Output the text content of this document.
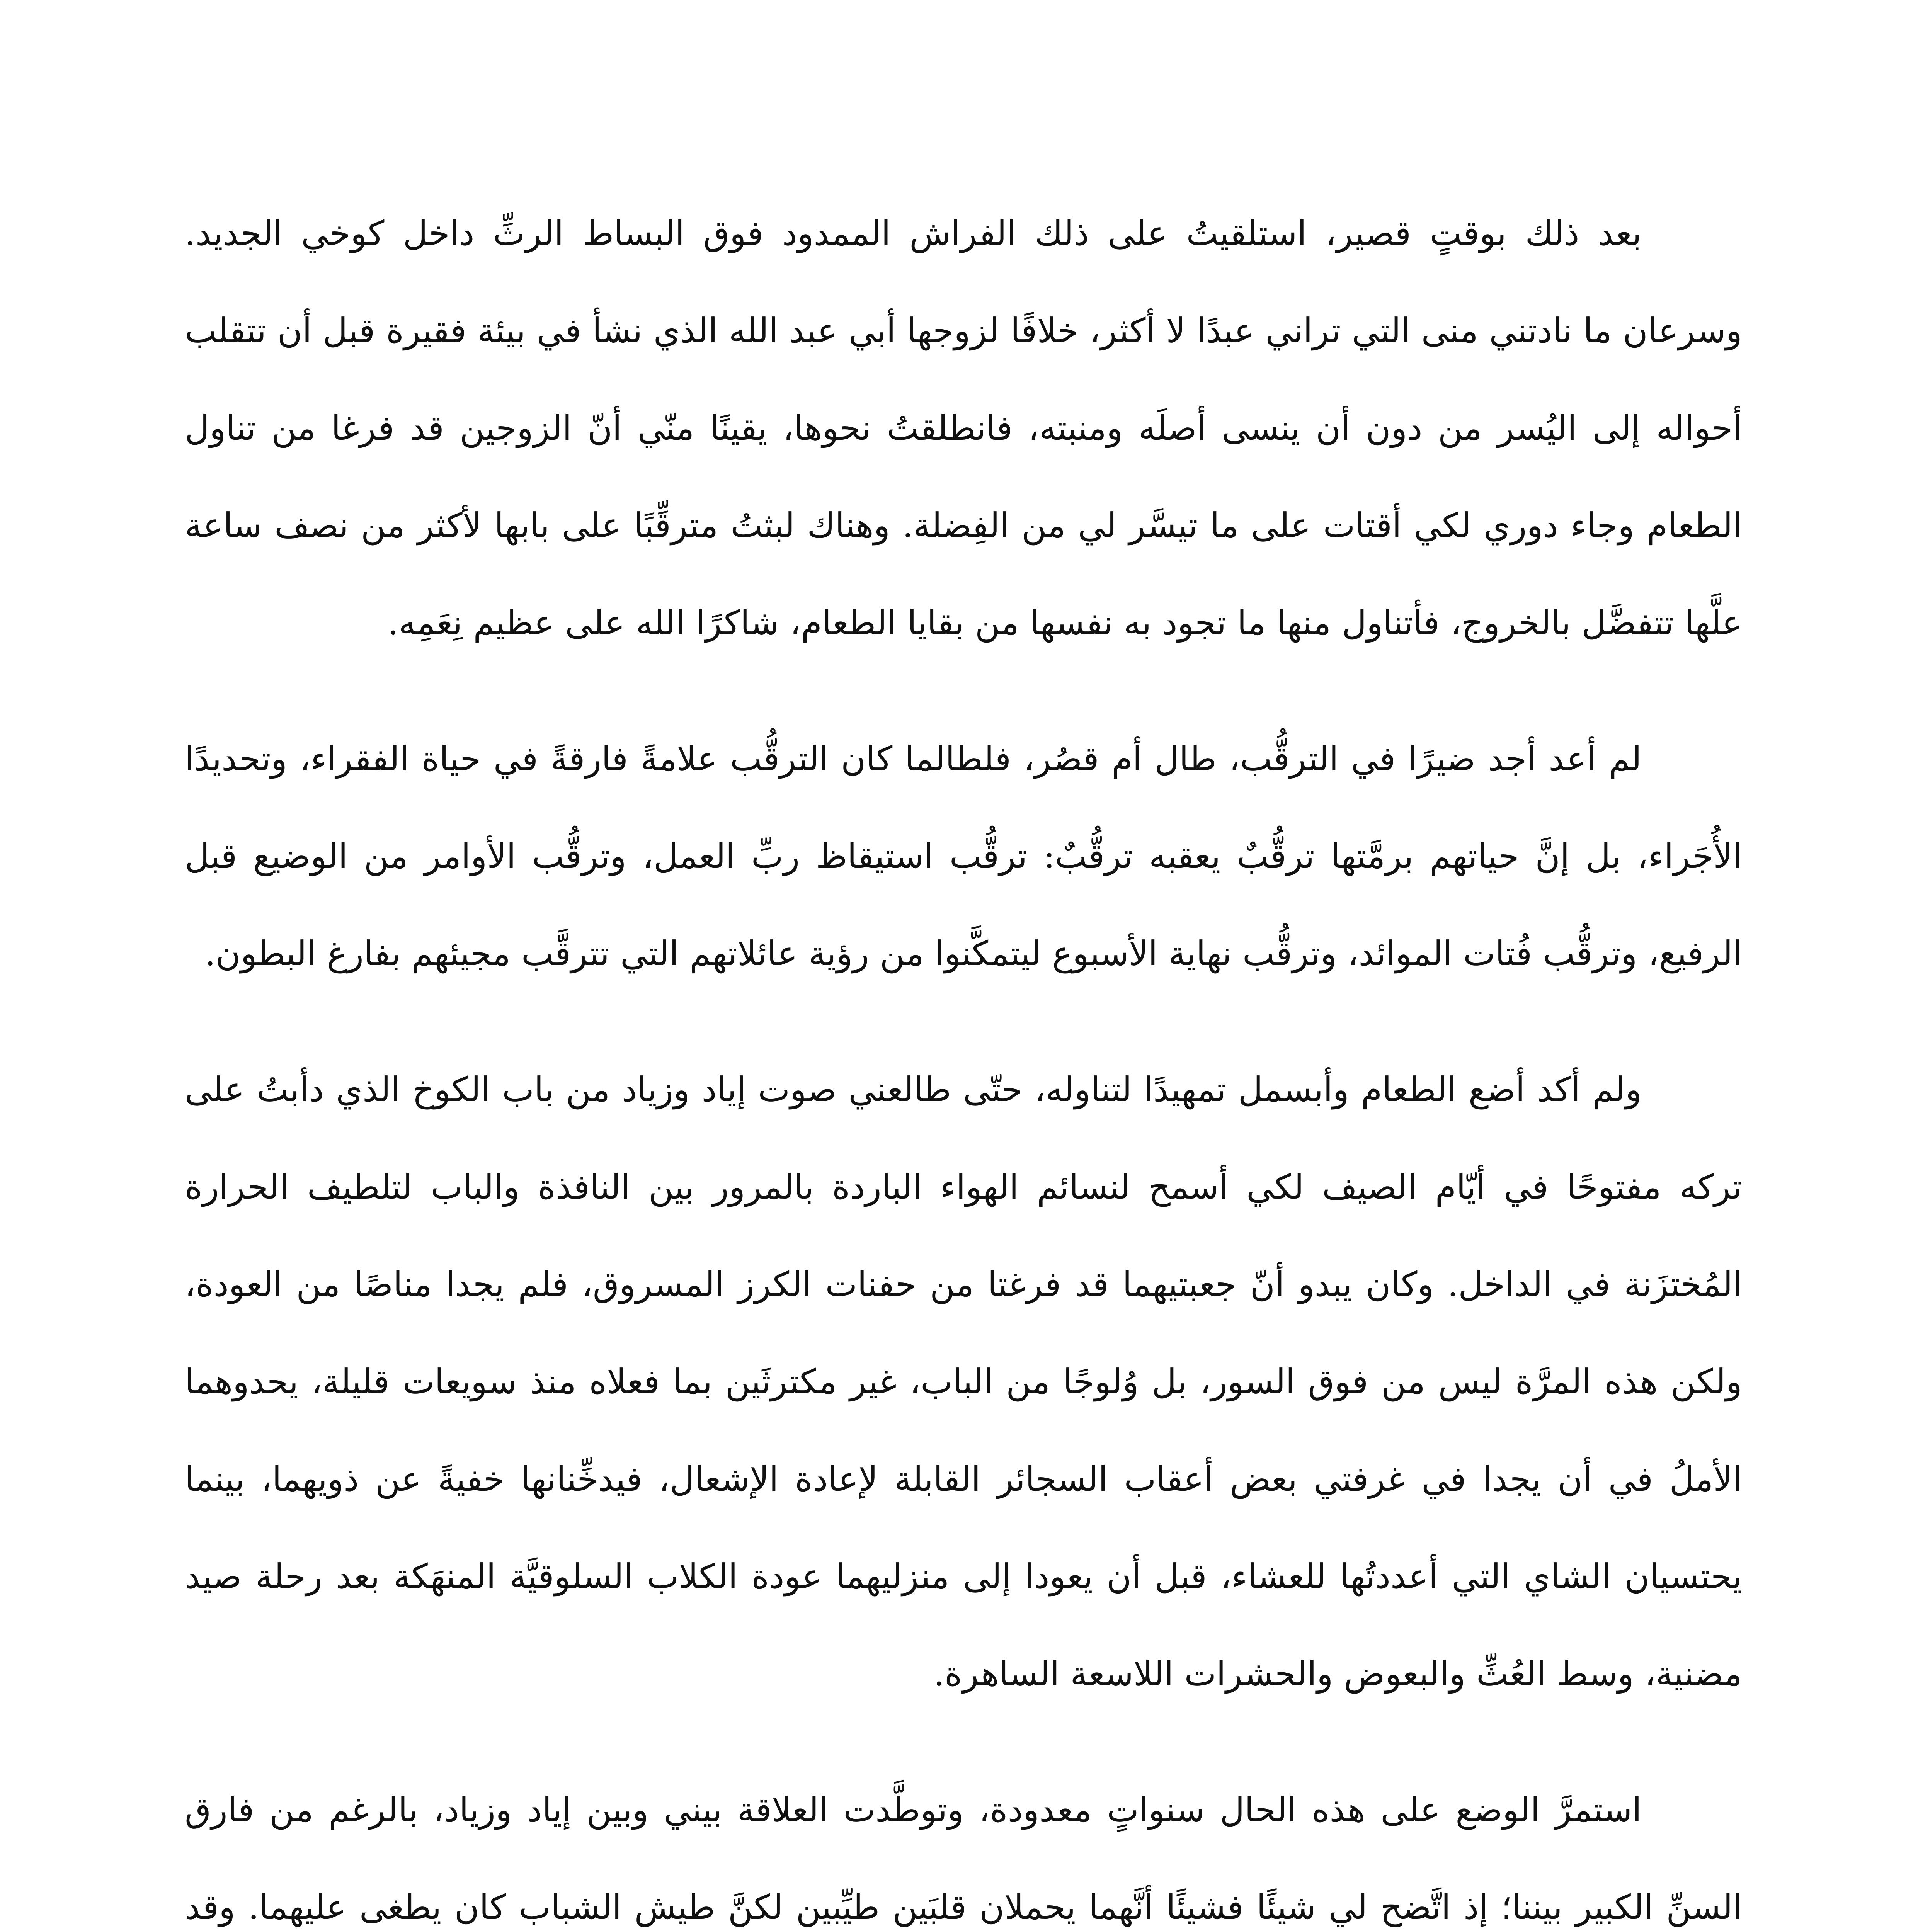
بعد ذلك بوقتٍ قصير، استلقيتُ على ذلك الفراش الممدود فوق البساط الرثِّ داخل كوخي الجديد. وسرعان ما نادتني منى التي تراني عبدًا لا أكثر، خلافًا لزوجها أبي عبد الله الذي نشأ في بيئة فقيرة قبل أن تتقلب أحواله إلى اليُسر من دون أن ينسى أصلَه ومنبته، فانطلقتُ نحوها، يقينًا منّي أنّ الزوجين قد فرغا من تناول الطعام وجاء دوري لكي أقتات على ما تيسَّر لي من الفِضلة. وهناك لبثتُ مترقِّبًا على بابها لأكثر من نصف ساعة علَّها تتفضَّل بالخروج، فأتناول منها ما تجود به نفسها من بقايا الطعام، شاكرًا الله على عظيم نِعَمِه.

لم أعد أجد ضيرًا في الترقُّب، طال أم قصُر، فلطالما كان الترقُّب علامةً فارقةً في حياة الفقراء، وتحديدًا الأُجَراء، بل إنَّ حياتهم برمَّتها ترقُّبٌ يعقبه ترقُّبٌ: ترقُّب استيقاظ ربِّ العمل، وترقُّب الأوامر من الوضيع قبل الرفيع، وترقُّب فُتات الموائد، وترقُّب نهاية الأسبوع ليتمكَّنوا من رؤية عائلاتهم التي تترقَّب مجيئهم بفارغ البطون.

ولم أكد أضع الطعام وأبسمل تمهيدًا لتناوله، حتّى طالعني صوت إياد وزياد من باب الكوخ الذي دأبتُ على تركه مفتوحًا في أيّام الصيف لكي أسمح لنسائم الهواء الباردة بالمرور بين النافذة والباب لتلطيف الحرارة المُختزَنة في الداخل. وكان يبدو أنّ جعبتيهما قد فرغتا من حفنات الكرز المسروق، فلم يجدا مناصًا من العودة، ولكن هذه المرَّة ليس من فوق السور، بل وُلوجًا من الباب، غير مكترثَين بما فعلاه منذ سويعات قليلة، يحدوهما الأملُ في أن يجدا في غرفتي بعض أعقاب السجائر القابلة لإعادة الإشعال، فيدخِّنانها خفيةً عن ذويهما، بينما يحتسيان الشاي التي أعددتُها للعشاء، قبل أن يعودا إلى منزليهما عودة الكلاب السلوقيَّة المنهَكة بعد رحلة صيد مضنية، وسط العُثِّ والبعوض والحشرات اللاسعة الساهرة.

استمرَّ الوضع على هذه الحال سنواتٍ معدودة، وتوطَّدت العلاقة بيني وبين إياد وزياد، بالرغم من فارق السنِّ الكبير بيننا؛ إذ اتَّضح لي شيئًا فشيئًا أنَّهما يحملان قلبَين طيِّبين لكنَّ طيش الشباب كان يطغى عليهما. وقد
